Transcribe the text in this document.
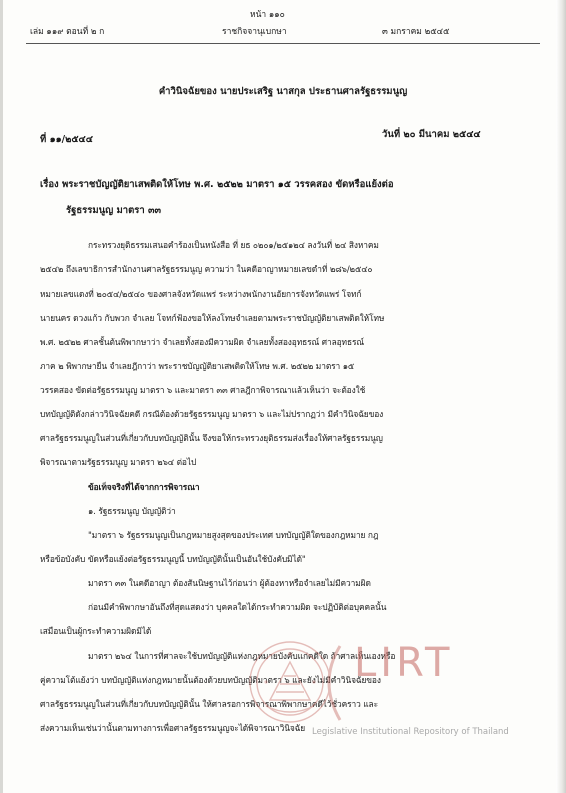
หน้า ๑๑๐
เล่ม ๑๑๙ ตอนที่ ๒ ก	ราชกิจจานุเบกษา	๓ มกราคม ๒๕๔๕
คำวินิจฉัยของ นายประเสริฐ นาสกุล ประธานศาลรัฐธรรมนูญ
ที่ ๑๑/๒๕๔๔	วันที่ ๒๐ มีนาคม ๒๕๔๔
เรื่อง พระราชบัญญัติยาเสพติดให้โทษ พ.ศ. ๒๕๒๒ มาตรา ๑๕ วรรคสอง ขัดหรือแย้งต่อ
รัฐธรรมนูญ มาตรา ๓๓
กระทรวงยุติธรรมเสนอคำร้องเป็นหนังสือ ที่ ยธ ๐๒๐๑/๒๕๑๒๔ ลงวันที่ ๒๔ สิงหาคม
๒๕๔๒ ถึงเลขาธิการสำนักงานศาลรัฐธรรมนูญ ความว่า ในคดีอาญาหมายเลขดำที่ ๒๘๖/๒๕๔๐
หมายเลขแดงที่ ๒๐๕๔/๒๕๔๐ ของศาลจังหวัดแพร่ ระหว่างพนักงานอัยการจังหวัดแพร่ โจทก์
นายนคร ดวงแก้ว กับพวก จำเลย โจทก์ฟ้องขอให้ลงโทษจำเลยตามพระราชบัญญัติยาเสพติดให้โทษ
พ.ศ. ๒๕๒๒ ศาลชั้นต้นพิพากษาว่า จำเลยทั้งสองมีความผิด จำเลยทั้งสองอุทธรณ์ ศาลอุทธรณ์
ภาค ๒ พิพากษายืน จำเลยฎีกาว่า พระราชบัญญัติยาเสพติดให้โทษ พ.ศ. ๒๕๒๒ มาตรา ๑๕
วรรคสอง ขัดต่อรัฐธรรมนูญ มาตรา ๖ และมาตรา ๓๓ ศาลฎีกาพิจารณาแล้วเห็นว่า จะต้องใช้
บทบัญญัติดังกล่าววินิจฉัยคดี กรณีต้องด้วยรัฐธรรมนูญ มาตรา ๖ และไม่ปรากฏว่า มีคำวินิจฉัยของ
ศาลรัฐธรรมนูญในส่วนที่เกี่ยวกับบทบัญญัตินั้น จึงขอให้กระทรวงยุติธรรมส่งเรื่องให้ศาลรัฐธรรมนูญ
พิจารณาตามรัฐธรรมนูญ มาตรา ๒๖๔ ต่อไป
ข้อเท็จจริงที่ได้จากการพิจารณา
๑. รัฐธรรมนูญ บัญญัติว่า
"มาตรา ๖ รัฐธรรมนูญเป็นกฎหมายสูงสุดของประเทศ บทบัญญัติใดของกฎหมาย กฎ
หรือข้อบังคับ ขัดหรือแย้งต่อรัฐธรรมนูญนี้ บทบัญญัตินั้นเป็นอันใช้บังคับมิได้"
มาตรา ๓๓ ในคดีอาญา ต้องสันนิษฐานไว้ก่อนว่า ผู้ต้องหาหรือจำเลยไม่มีความผิด
ก่อนมีคำพิพากษาอันถึงที่สุดแสดงว่า บุคคลใดได้กระทำความผิด จะปฏิบัติต่อบุคคลนั้น
เสมือนเป็นผู้กระทำความผิดมิได้
มาตรา ๒๖๔ ในการที่ศาลจะใช้บทบัญญัติแห่งกฎหมายบังคับแก่คดีใด ถ้าศาลเห็นเองหรือ
คู่ความโต้แย้งว่า บทบัญญัติแห่งกฎหมายนั้นต้องด้วยบทบัญญัติมาตรา ๖ และยังไม่มีคำวินิจฉัยของ
ศาลรัฐธรรมนูญในส่วนที่เกี่ยวกับบทบัญญัตินั้น ให้ศาลรอการพิจารณาพิพากษาคดีไว้ชั่วคราว และ
ส่งความเห็นเช่นว่านั้นตามทางการเพื่อศาลรัฐธรรมนูญจะได้พิจารณาวินิจฉัย
LIRT
Legislative Institutional Repository of Thailand
